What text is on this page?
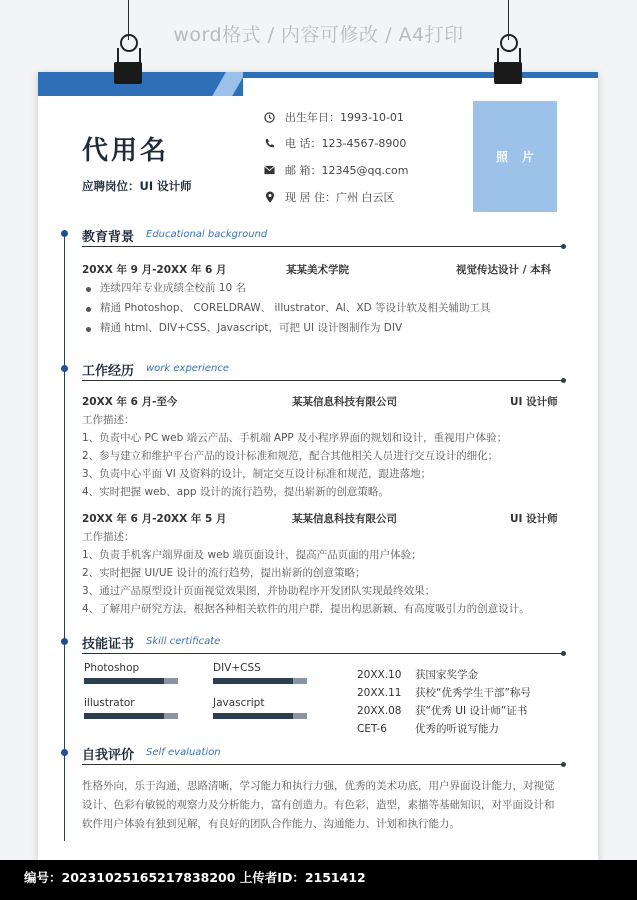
word格式 / 内容可修改 / A4打印
代用名
应聘岗位：UI 设计师
出生年日：1993-10-01
电 话：123-4567-8900
邮 箱：12345@qq.com
现 居 住：广州 白云区
照片
教育背景 Educational background
20XX 年 9 月-20XX 年 6 月	某某美术学院	视觉传达设计 / 本科
连续四年专业成绩全校前 10 名
精通 Photoshop、 CORELDRAW、 illustrator、AI、XD 等设计软及相关辅助工具
精通 html、DIV+CSS、Javascript，可把 UI 设计图制作为 DIV
工作经历 work experience
20XX 年 6 月-至今	某某信息科技有限公司	UI 设计师
工作描述：
1、负责中心 PC web 端云产品、手机端 APP 及小程序界面的规划和设计，重视用户体验；
2、参与建立和维护平台产品的设计标准和规范，配合其他相关人员进行交互设计的细化；
3、负责中心平面 VI 及资料的设计，制定交互设计标准和规范，跟进落地；
4、实时把握 web、app 设计的流行趋势，提出崭新的创意策略。
20XX 年 6 月-20XX 年 5 月	某某信息科技有限公司	UI 设计师
工作描述：
1、负责手机客户端界面及 web 端页面设计，提高产品页面的用户体验；
2、实时把握 UI/UE 设计的流行趋势，提出崭新的创意策略；
3、通过产品原型设计页面视觉效果图，并协助程序开发团队实现最终效果；
4、了解用户研究方法，根据各种相关软件的用户群，提出构思新颖、有高度吸引力的创意设计。
技能证书 Skill certificate
Photoshop	DIV+CSS
illustrator	Javascript
20XX.10 获国家奖学金
20XX.11 获校“优秀学生干部”称号
20XX.08 获“优秀 UI 设计师”证书
CET-6	优秀的听说写能力
自我评价 Self evaluation
性格外向，乐于沟通，思路清晰，学习能力和执行力强，优秀的美术功底，用户界面设计能力，对视觉设计、色彩有敏锐的观察力及分析能力，富有创造力。有色彩，造型，素描等基础知识，对平面设计和软件用户体验有独到见解，有良好的团队合作能力、沟通能力、计划和执行能力。
编号：20231025165217838200 上传者ID：2151412
